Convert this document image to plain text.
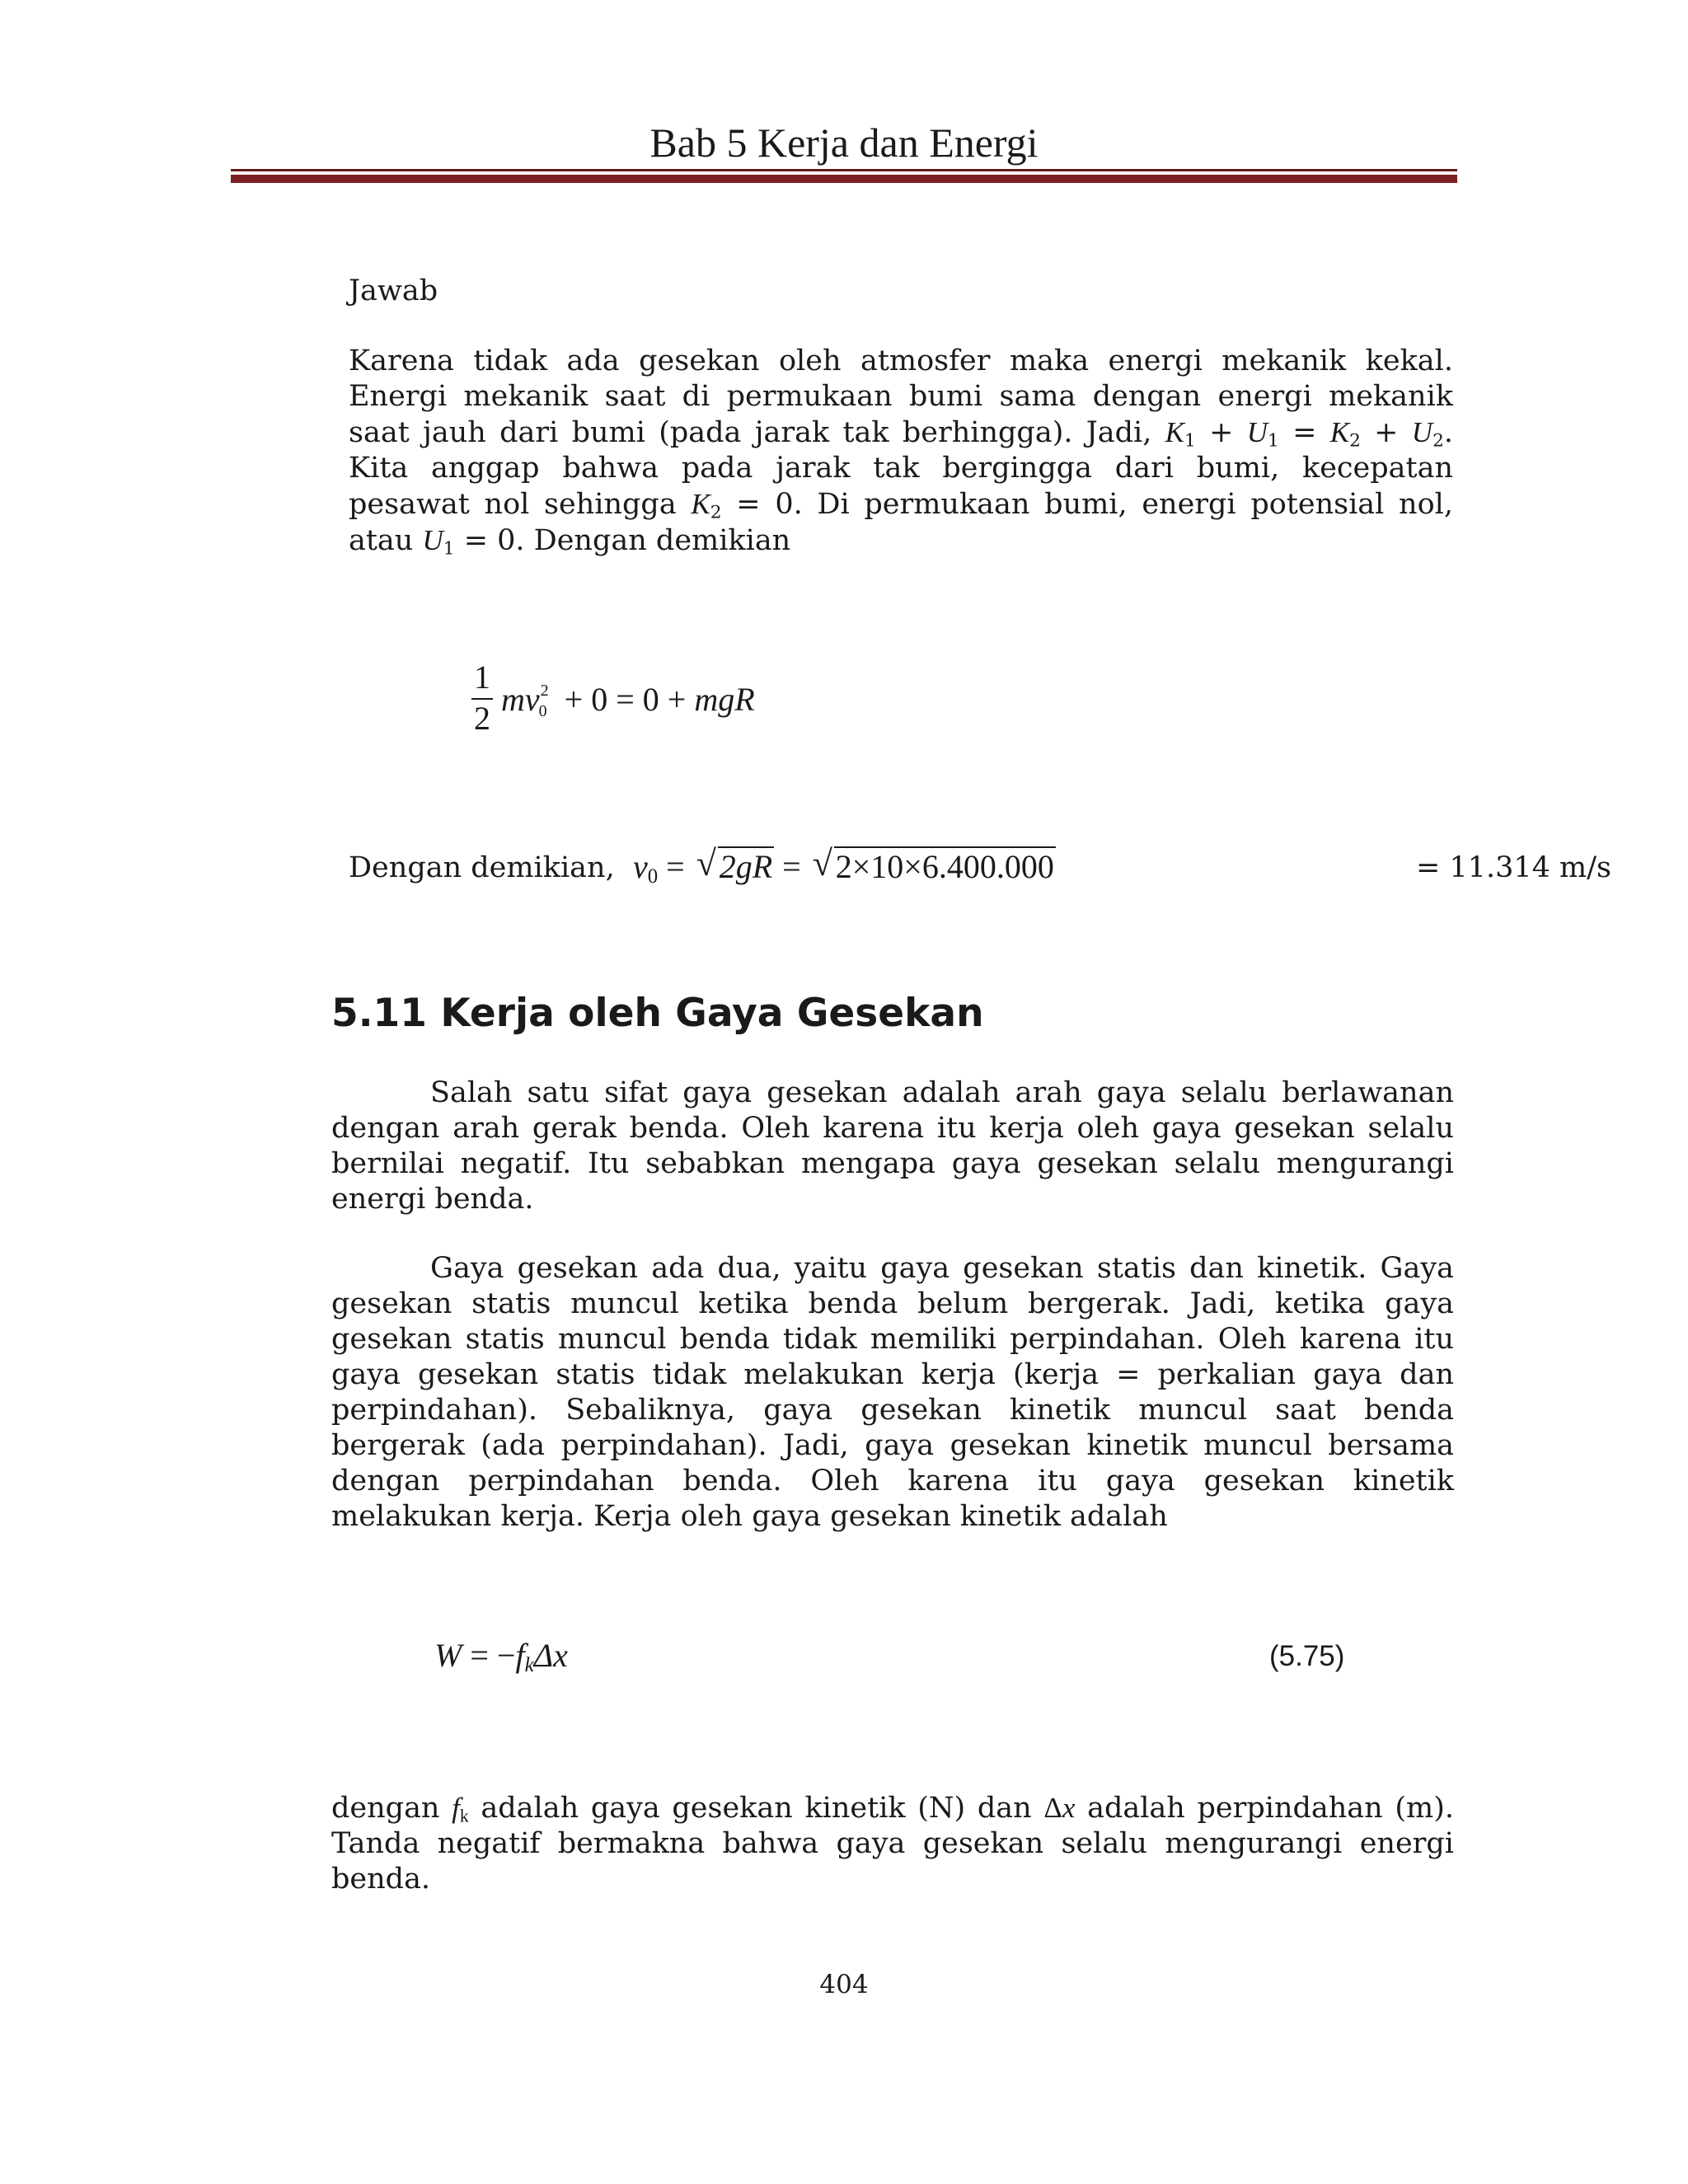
Bab 5 Kerja dan Energi
Jawab
Karena tidak ada gesekan oleh atmosfer maka energi mekanik kekal. Energi mekanik saat di permukaan bumi sama dengan energi mekanik saat jauh dari bumi (pada jarak tak berhingga). Jadi, $K_1 + U_1 = K_2 + U_2$. Kita anggap bahwa pada jarak tak bergingga dari bumi, kecepatan pesawat nol sehingga $K_2 = 0$. Di permukaan bumi, energi potensial nol, atau $U_1 = 0$. Dengan demikian
1
2
$mv^20 + 0 = 0$ + mgR
Dengan demikian, $v_0$ = √ 2gR = √ 2×10×6.400.000	= 11.314 m/s
5.11 Kerja oleh Gaya Gesekan
Salah satu sifat gaya gesekan adalah arah gaya selalu berlawanan dengan arah gerak benda. Oleh karena itu kerja oleh gaya gesekan selalu bernilai negatif. Itu sebabkan mengapa gaya gesekan selalu mengurangi energi benda.
Gaya gesekan ada dua, yaitu gaya gesekan statis dan kinetik. Gaya gesekan statis muncul ketika benda belum bergerak. Jadi, ketika gaya gesekan statis muncul benda tidak memiliki perpindahan. Oleh karena itu gaya gesekan statis tidak melakukan kerja (kerja = perkalian gaya dan perpindahan). Sebaliknya, gaya gesekan kinetik muncul saat benda bergerak (ada perpindahan). Jadi, gaya gesekan kinetik muncul bersama dengan perpindahan benda. Oleh karena itu gaya gesekan kinetik melakukan kerja. Kerja oleh gaya gesekan kinetik adalah
$W = -f_k\Delta x$	(5.75)
dengan $f_k$ adalah gaya gesekan kinetik (N) dan Δx adalah perpindahan (m). Tanda negatif bermakna bahwa gaya gesekan selalu mengurangi energi benda.
404
